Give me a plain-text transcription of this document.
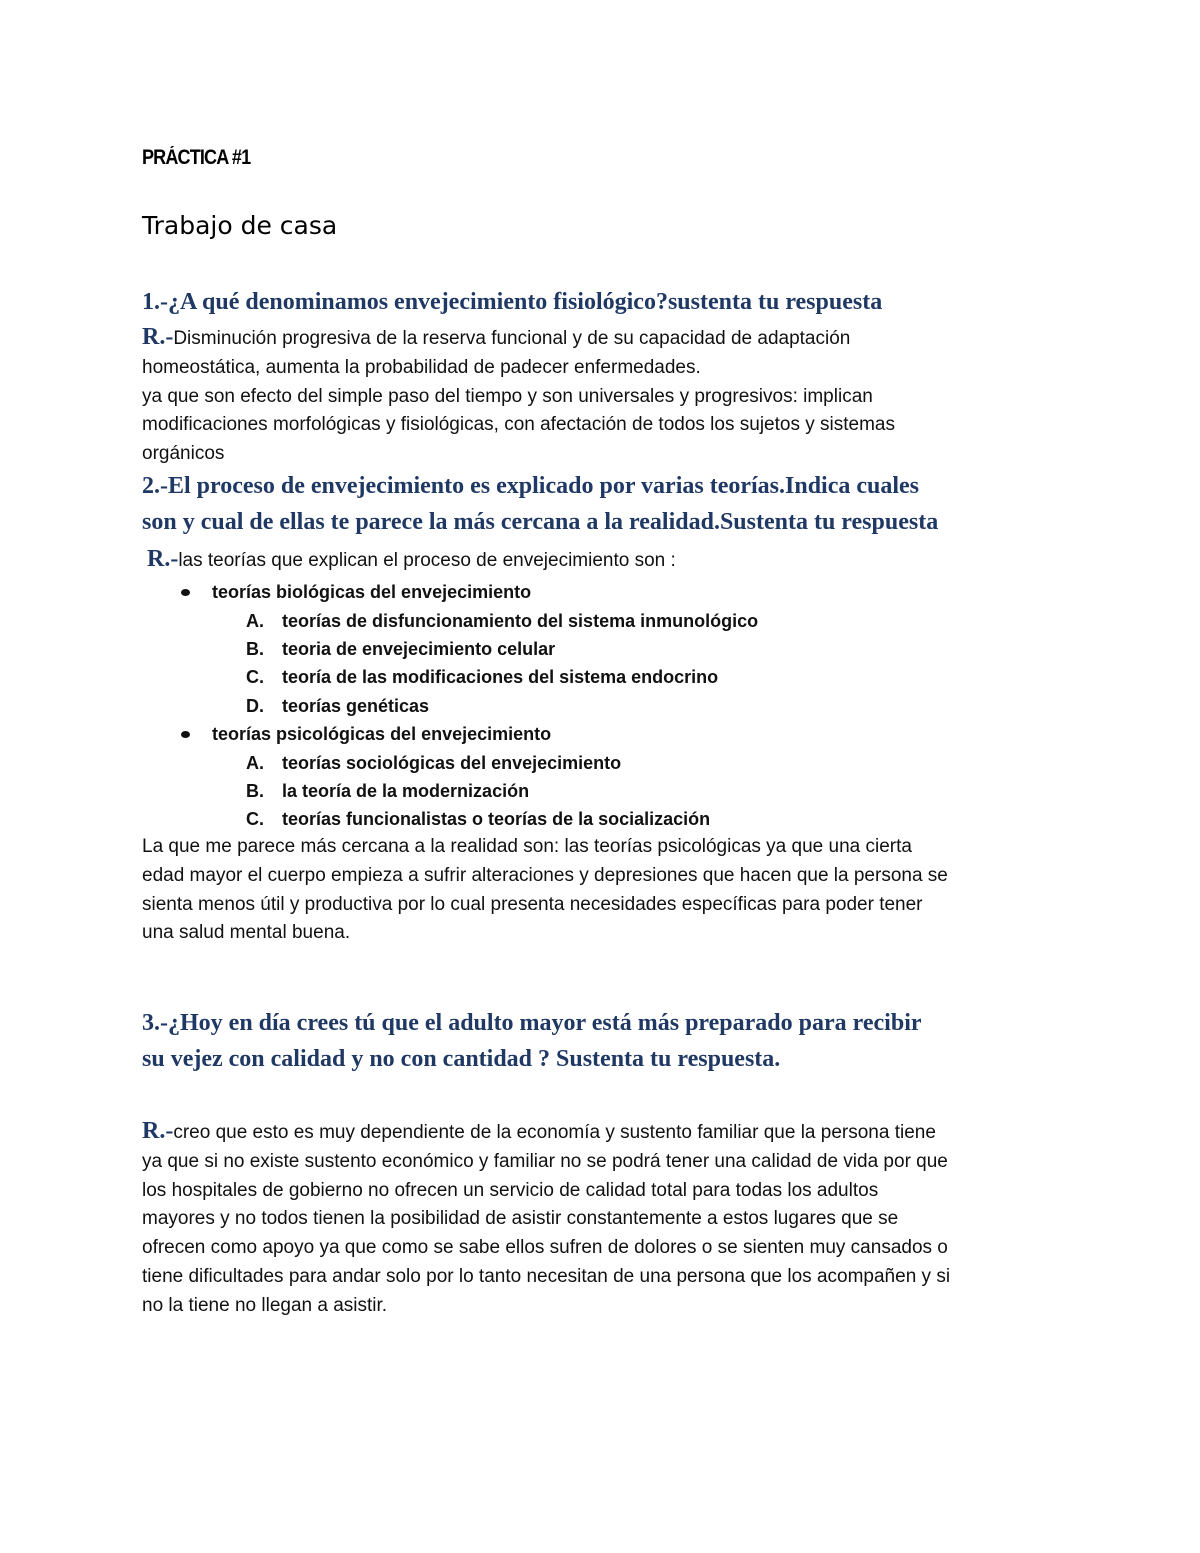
PRÁCTICA #1
Trabajo de casa
1.-¿A qué denominamos envejecimiento fisiológico?sustenta tu respuesta
R.-Disminución progresiva de la reserva funcional y de su capacidad de adaptación
homeostática, aumenta la probabilidad de padecer enfermedades.
ya que son efecto del simple paso del tiempo y son universales y progresivos: implican
modificaciones morfológicas y fisiológicas, con afectación de todos los sujetos y sistemas
orgánicos
2.-El proceso de envejecimiento es explicado por varias teorías.Indica cuales
son y cual de ellas te parece la más cercana a la realidad.Sustenta tu respuesta
R.-las teorías que explican el proceso de envejecimiento son :
teorías biológicas del envejecimiento
A. teorías de disfuncionamiento del sistema inmunológico
B. teoria de envejecimiento celular
C. teoría de las modificaciones del sistema endocrino
D. teorías genéticas
teorías psicológicas del envejecimiento
A. teorías sociológicas del envejecimiento
B. la teoría de la modernización
C. teorías funcionalistas o teorías de la socialización
La que me parece más cercana a la realidad son: las teorías psicológicas ya que una cierta
edad mayor el cuerpo empieza a sufrir alteraciones y depresiones que hacen que la persona se
sienta menos útil y productiva por lo cual presenta necesidades específicas para poder tener
una salud mental buena.
3.-¿Hoy en día crees tú que el adulto mayor está más preparado para recibir
su vejez con calidad y no con cantidad ? Sustenta tu respuesta.
R.-creo que esto es muy dependiente de la economía y sustento familiar que la persona tiene
ya que si no existe sustento económico y familiar no se podrá tener una calidad de vida por que
los hospitales de gobierno no ofrecen un servicio de calidad total para todas los adultos
mayores y no todos tienen la posibilidad de asistir constantemente a estos lugares que se
ofrecen como apoyo ya que como se sabe ellos sufren de dolores o se sienten muy cansados o
tiene dificultades para andar solo por lo tanto necesitan de una persona que los acompañen y si
no la tiene no llegan a asistir.
